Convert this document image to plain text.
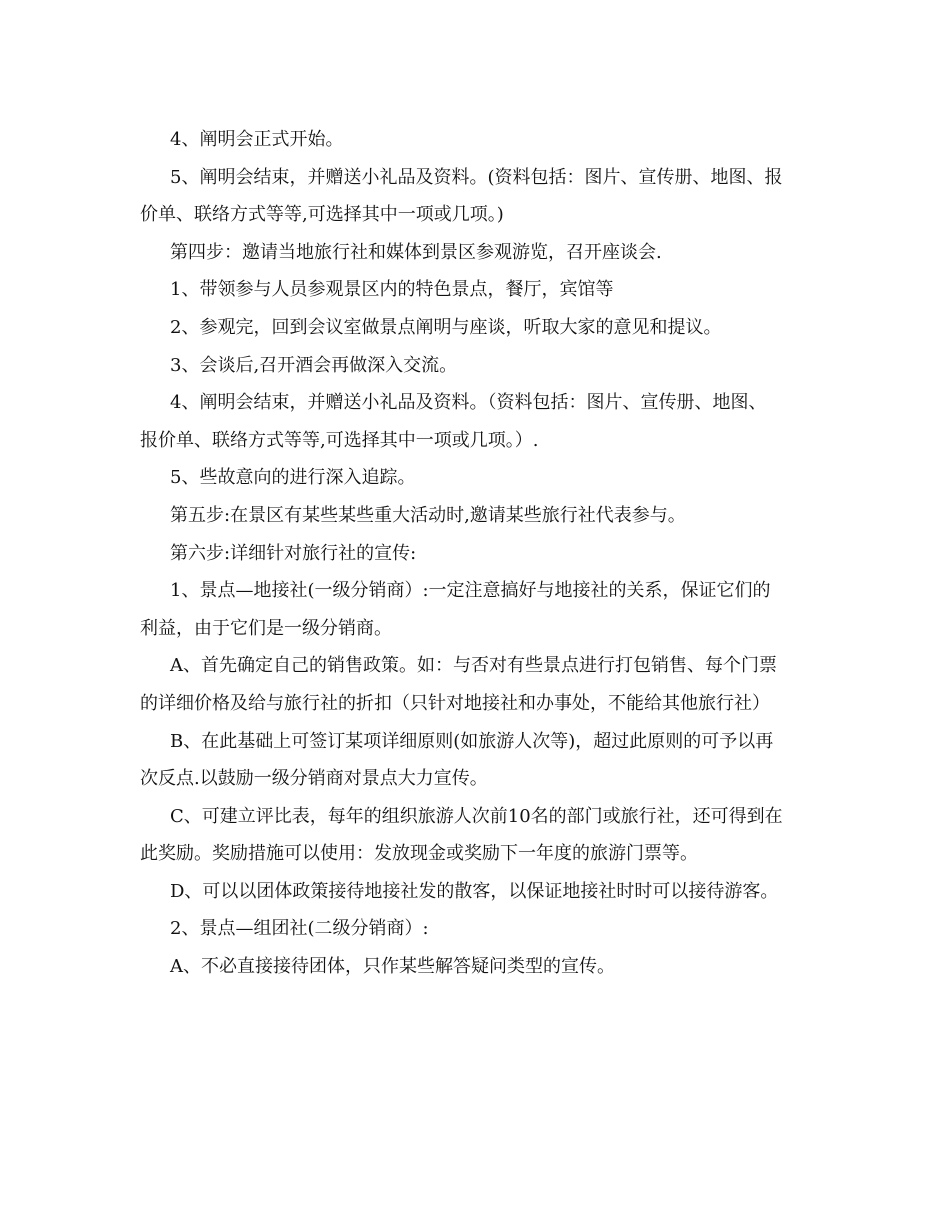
4、阐明会正式开始。
5、阐明会结束，并赠送小礼品及资料。(资料包括：图片、宣传册、地图、报
价单、联络方式等等,可选择其中一项或几项。)
第四步：邀请当地旅行社和媒体到景区参观游览，召开座谈会.
1、带领参与人员参观景区内的特色景点，餐厅，宾馆等
2、参观完，回到会议室做景点阐明与座谈，听取大家的意见和提议。
3、会谈后,召开酒会再做深入交流。
4、阐明会结束，并赠送小礼品及资料。（资料包括：图片、宣传册、地图、
报价单、联络方式等等,可选择其中一项或几项。）.
5、些故意向的进行深入追踪。
第五步:在景区有某些某些重大活动时,邀请某些旅行社代表参与。
第六步:详细针对旅行社的宣传:
1、景点—地接社(一级分销商）:一定注意搞好与地接社的关系，保证它们的
利益，由于它们是一级分销商。
A、首先确定自己的销售政策。如：与否对有些景点进行打包销售、每个门票
的详细价格及给与旅行社的折扣（只针对地接社和办事处，不能给其他旅行社）
B、在此基础上可签订某项详细原则(如旅游人次等)，超过此原则的可予以再
次反点.以鼓励一级分销商对景点大力宣传。
C、可建立评比表，每年的组织旅游人次前10名的部门或旅行社，还可得到在
此奖励。奖励措施可以使用：发放现金或奖励下一年度的旅游门票等。
D、可以以团体政策接待地接社发的散客，以保证地接社时时可以接待游客。
2、景点—组团社(二级分销商）:
A、不必直接接待团体，只作某些解答疑问类型的宣传。
